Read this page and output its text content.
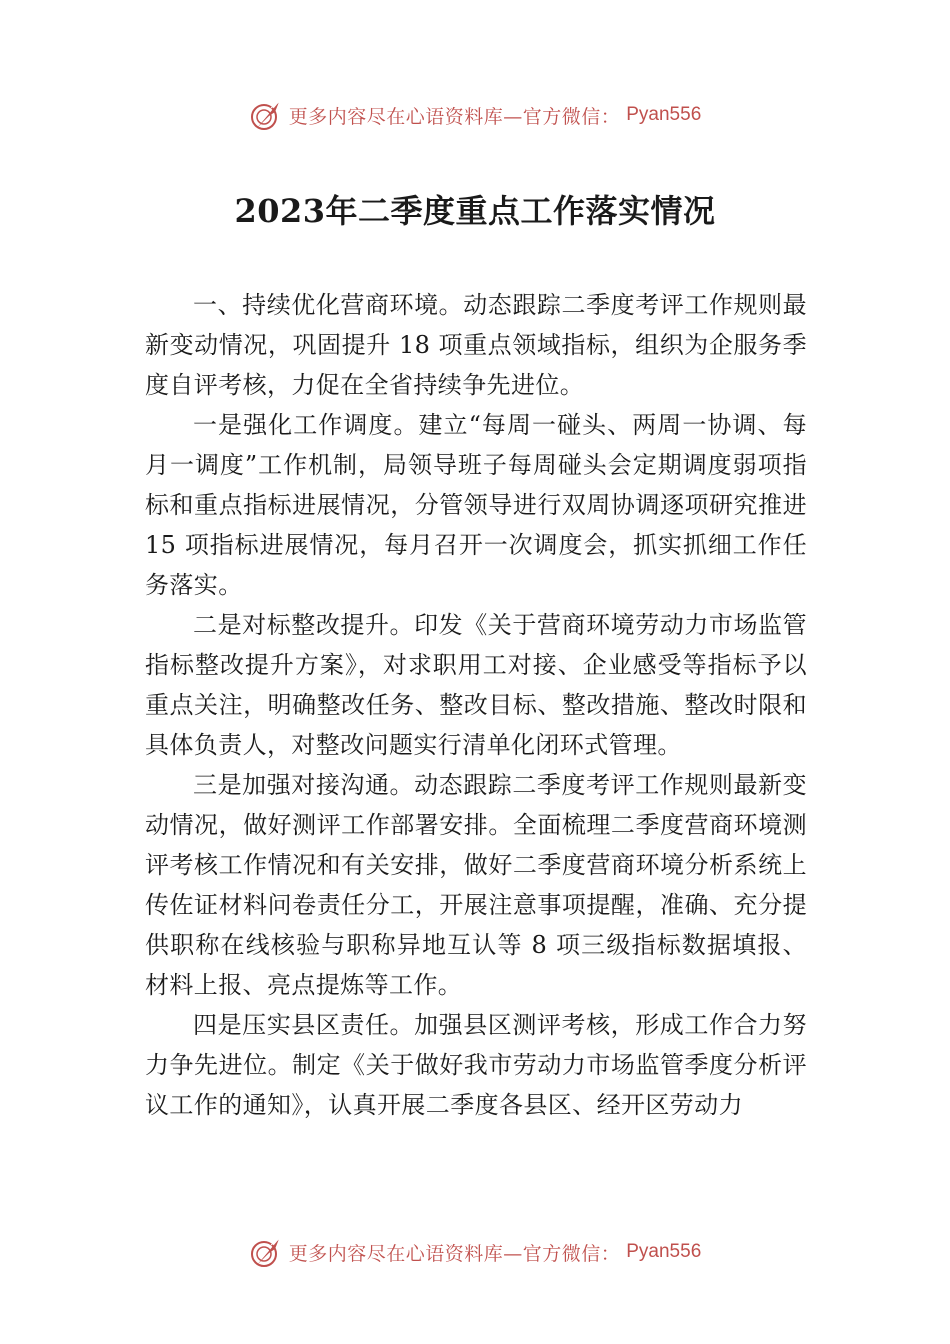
更多内容尽在心语资料库—官方微信： Pyan556
2023年二季度重点工作落实情况

一、持续优化营商环境。动态跟踪二季度考评工作规则最新变动情况，巩固提升 18 项重点领域指标，组织为企服务季度自评考核，力促在全省持续争先进位。

一是强化工作调度。建立“每周一碰头、两周一协调、每月一调度”工作机制，局领导班子每周碰头会定期调度弱项指标和重点指标进展情况，分管领导进行双周协调逐项研究推进 15 项指标进展情况，每月召开一次调度会，抓实抓细工作任务落实。

二是对标整改提升。印发《关于营商环境劳动力市场监管指标整改提升方案》，对求职用工对接、企业感受等指标予以重点关注，明确整改任务、整改目标、整改措施、整改时限和具体负责人，对整改问题实行清单化闭环式管理。

三是加强对接沟通。动态跟踪二季度考评工作规则最新变动情况，做好测评工作部署安排。全面梳理二季度营商环境测评考核工作情况和有关安排，做好二季度营商环境分析系统上传佐证材料问卷责任分工，开展注意事项提醒，准确、充分提供职称在线核验与职称异地互认等 8 项三级指标数据填报、材料上报、亮点提炼等工作。

四是压实县区责任。加强县区测评考核，形成工作合力努力争先进位。制定《关于做好我市劳动力市场监管季度分析评议工作的通知》，认真开展二季度各县区、经开区劳动力

更多内容尽在心语资料库—官方微信： Pyan556
